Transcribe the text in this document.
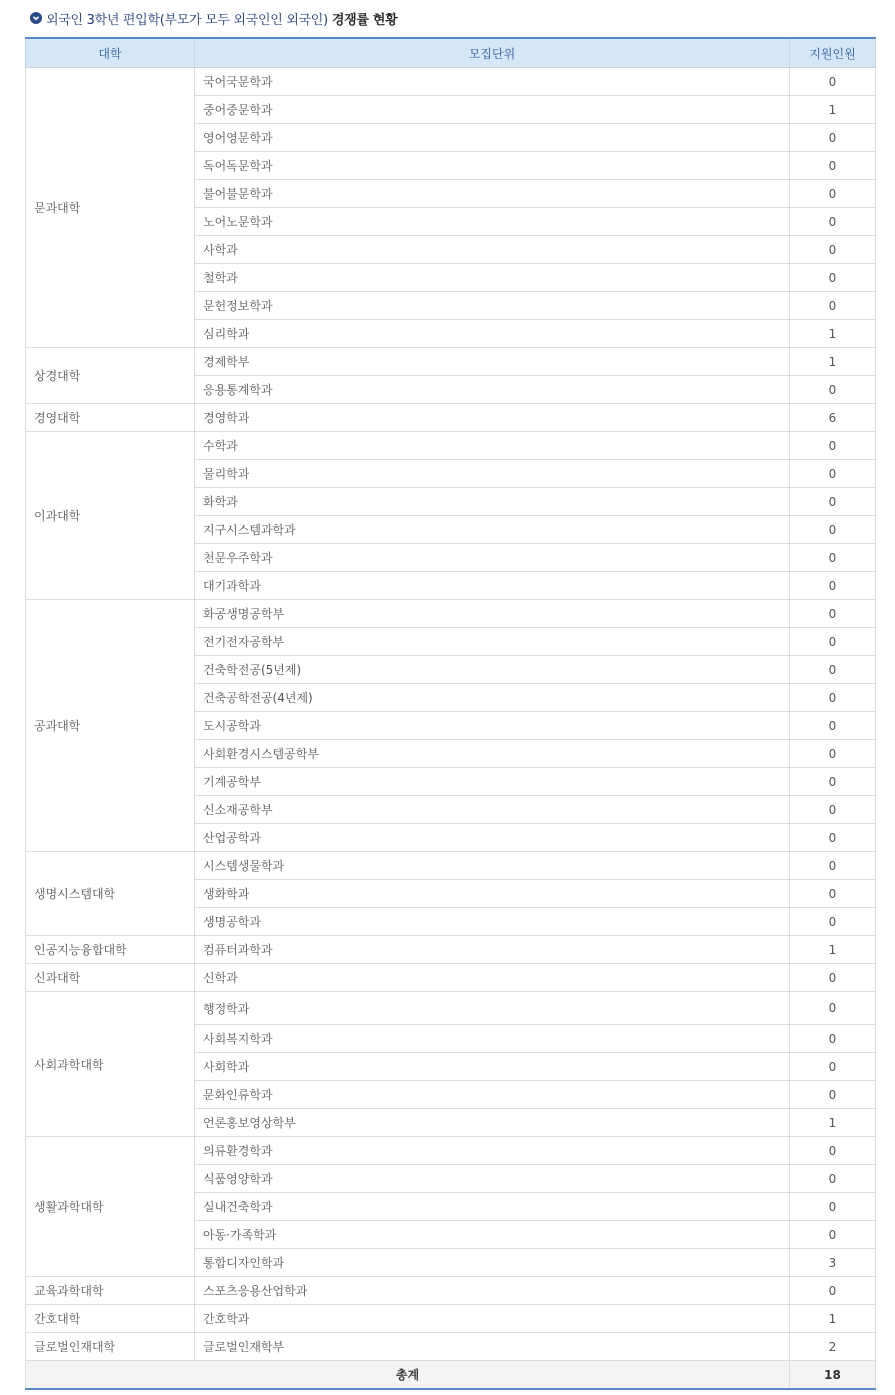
외국인 3학년 편입학(부모가 모두 외국인인 외국인) 경쟁률 현황
대학	모집단위	지원인원
문과대학	국어국문학과	0
	중어중문학과	1
	영어영문학과	0
	독어독문학과	0
	불어불문학과	0
	노어노문학과	0
	사학과	0
	철학과	0
	문헌정보학과	0
	심리학과	1
상경대학	경제학부	1
	응용통계학과	0
경영대학	경영학과	6
이과대학	수학과	0
	물리학과	0
	화학과	0
	지구시스템과학과	0
	천문우주학과	0
	대기과학과	0
공과대학	화공생명공학부	0
	전기전자공학부	0
	건축학전공(5년제)	0
	건축공학전공(4년제)	0
	도시공학과	0
	사회환경시스템공학부	0
	기계공학부	0
	신소재공학부	0
	산업공학과	0
생명시스템대학	시스템생물학과	0
	생화학과	0
	생명공학과	0
인공지능융합대학	컴퓨터과학과	1
신과대학	신학과	0
사회과학대학	행정학과	0
	사회복지학과	0
	사회학과	0
	문화인류학과	0
	언론홍보영상학부	1
생활과학대학	의류환경학과	0
	식품영양학과	0
	실내건축학과	0
	아동·가족학과	0
	통합디자인학과	3
교육과학대학	스포츠응용산업학과	0
간호대학	간호학과	1
글로벌인재대학	글로벌인재학부	2
총계		18
